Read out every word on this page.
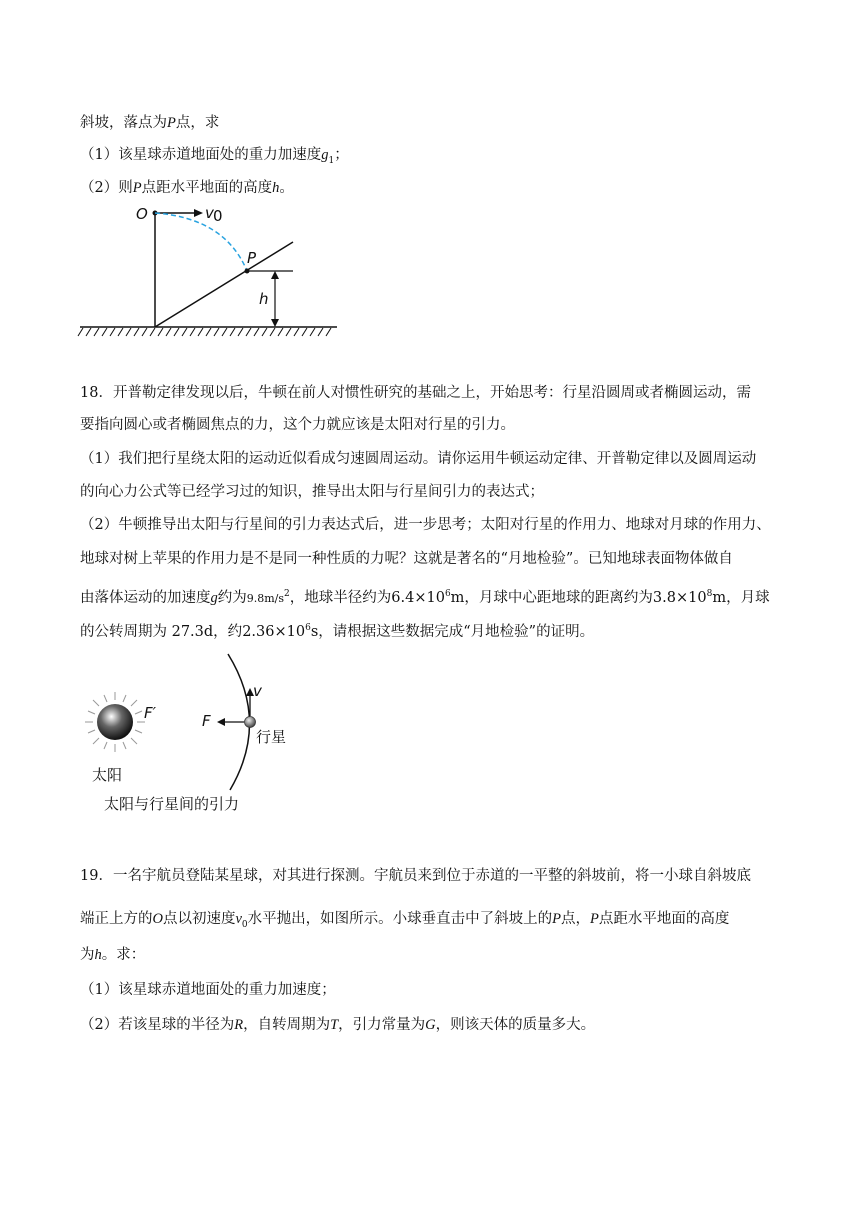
斜坡，落点为P点，求
（1）该星球赤道地面处的重力加速度$g_1$；
（2）则P点距水平地面的高度h。
O	v 0
P
h
18．开普勒定律发现以后，牛顿在前人对惯性研究的基础之上，开始思考：行星沿圆周或者椭圆运动，需
要指向圆心或者椭圆焦点的力，这个力就应该是太阳对行星的引力。
（1）我们把行星绕太阳的运动近似看成匀速圆周运动。请你运用牛顿运动定律、开普勒定律以及圆周运动
的向心力公式等已经学习过的知识，推导出太阳与行星间引力的表达式；
（2）牛顿推导出太阳与行星间的引力表达式后，进一步思考；太阳对行星的作用力、地球对月球的作用力、
地球对树上苹果的作用力是不是同一种性质的力呢？这就是著名的“月地检验”。已知地球表面物体做自
由落体运动的加速度g约为$9.8m/s^2$，地球半径约为$6.4\times 10^6m$，月球中心距地球的距离约为$3.8\times 10^8m$，月球
的公转周期为 27.3d，约$2.36\times 10^6s$，请根据这些数据完成“月地检验”的证明。
F′	F
v
行星
太阳
太阳与行星间的引力
19．一名宇航员登陆某星球，对其进行探测。宇航员来到位于赤道的一平整的斜坡前，将一小球自斜坡底
端正上方的O点以初速度$v_0$水平抛出，如图所示。小球垂直击中了斜坡上的P点，P点距水平地面的高度
为h。求：
（1）该星球赤道地面处的重力加速度；
（2）若该星球的半径为R，自转周期为T，引力常量为G，则该天体的质量多大。
